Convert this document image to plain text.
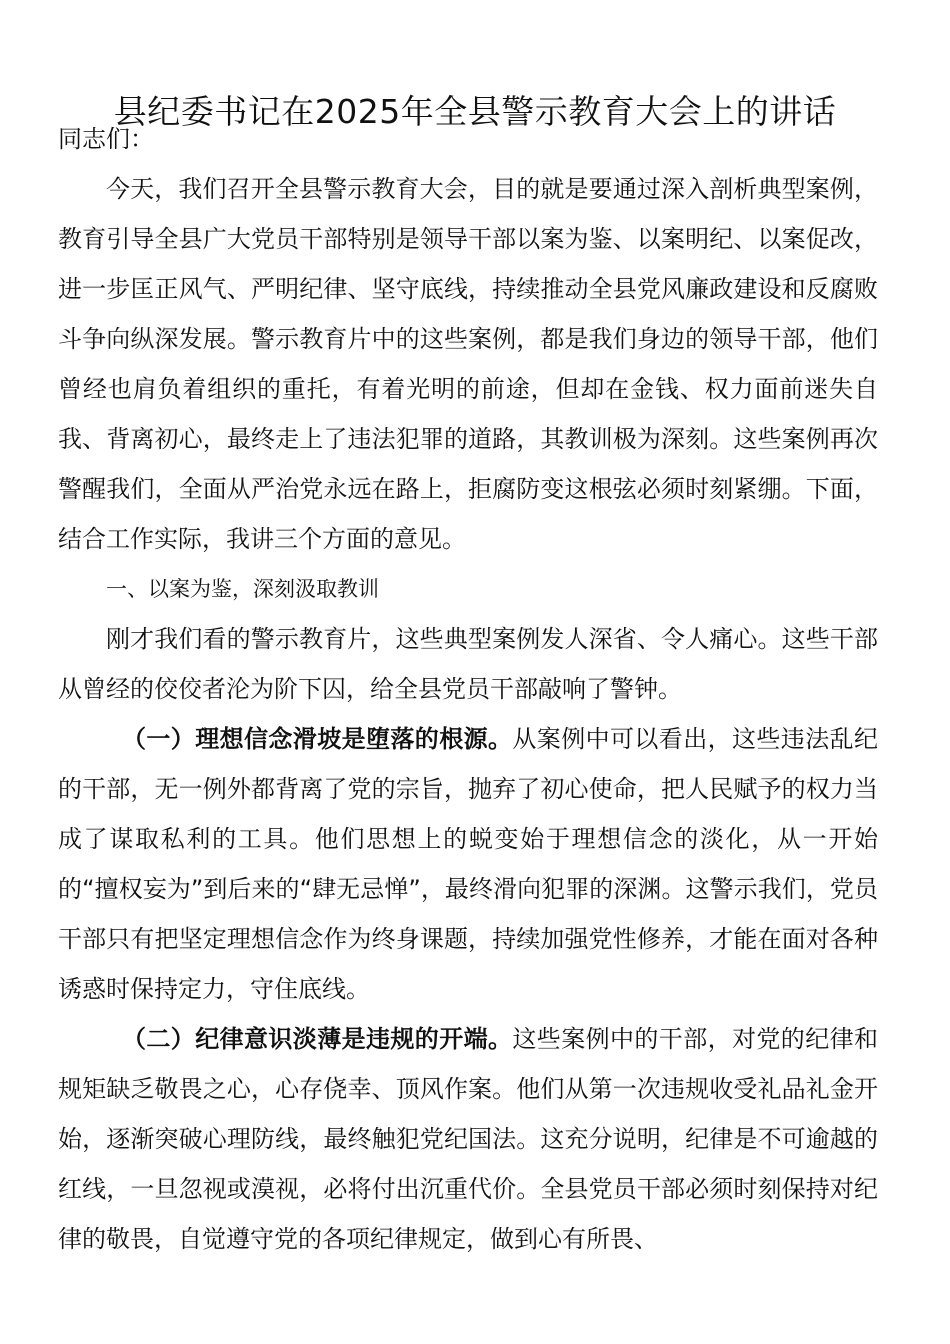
县纪委书记在2025年全县警示教育大会上的讲话

同志们：

今天，我们召开全县警示教育大会，目的就是要通过深入剖析典型案例，教育引导全县广大党员干部特别是领导干部以案为鉴、以案明纪、以案促改，进一步匡正风气、严明纪律、坚守底线，持续推动全县党风廉政建设和反腐败斗争向纵深发展。警示教育片中的这些案例，都是我们身边的领导干部，他们曾经也肩负着组织的重托，有着光明的前途，但却在金钱、权力面前迷失自我、背离初心，最终走上了违法犯罪的道路，其教训极为深刻。这些案例再次警醒我们，全面从严治党永远在路上，拒腐防变这根弦必须时刻紧绷。下面，结合工作实际，我讲三个方面的意见。

一、以案为鉴，深刻汲取教训

刚才我们看的警示教育片，这些典型案例发人深省、令人痛心。这些干部从曾经的佼佼者沦为阶下囚，给全县党员干部敲响了警钟。

（一）理想信念滑坡是堕落的根源。从案例中可以看出，这些违法乱纪的干部，无一例外都背离了党的宗旨，抛弃了初心使命，把人民赋予的权力当成了谋取私利的工具。他们思想上的蜕变始于理想信念的淡化，从一开始的“擅权妄为”到后来的“肆无忌惮”，最终滑向犯罪的深渊。这警示我们，党员干部只有把坚定理想信念作为终身课题，持续加强党性修养，才能在面对各种诱惑时保持定力，守住底线。

（二）纪律意识淡薄是违规的开端。这些案例中的干部，对党的纪律和规矩缺乏敬畏之心，心存侥幸、顶风作案。他们从第一次违规收受礼品礼金开始，逐渐突破心理防线，最终触犯党纪国法。这充分说明，纪律是不可逾越的红线，一旦忽视或漠视，必将付出沉重代价。全县党员干部必须时刻保持对纪律的敬畏，自觉遵守党的各项纪律规定，做到心有所畏、
